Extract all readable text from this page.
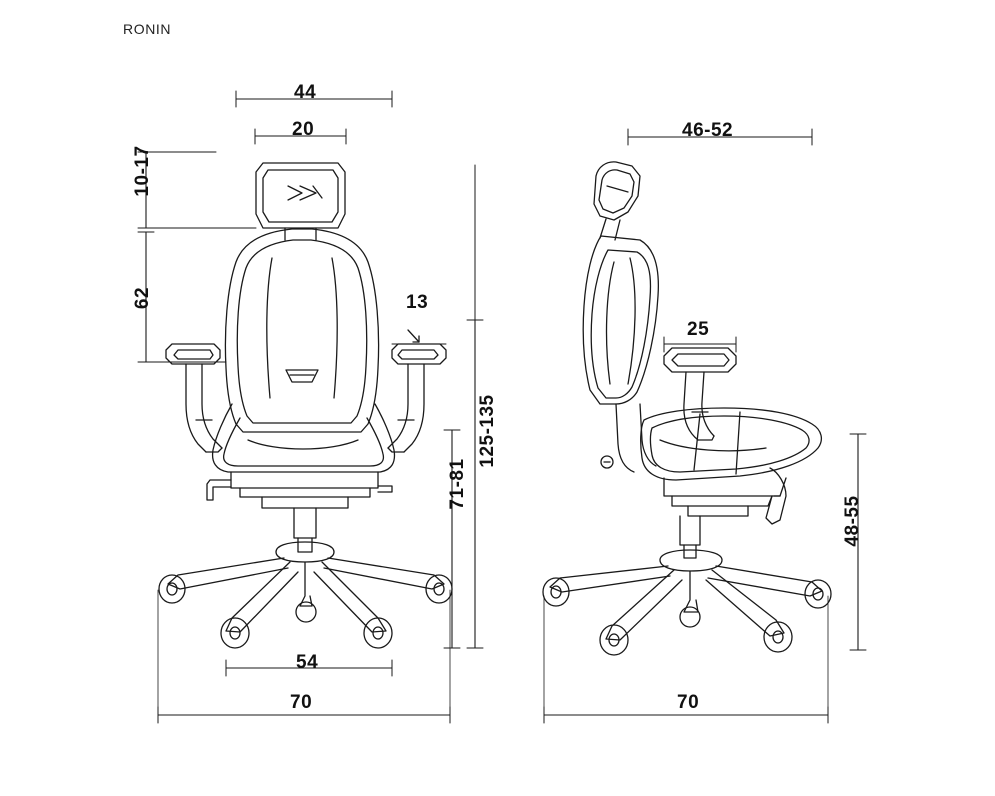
RONIN
44
20
10-17
62	13
54
70
125-135
71-81
46-52
25
70
48-55
